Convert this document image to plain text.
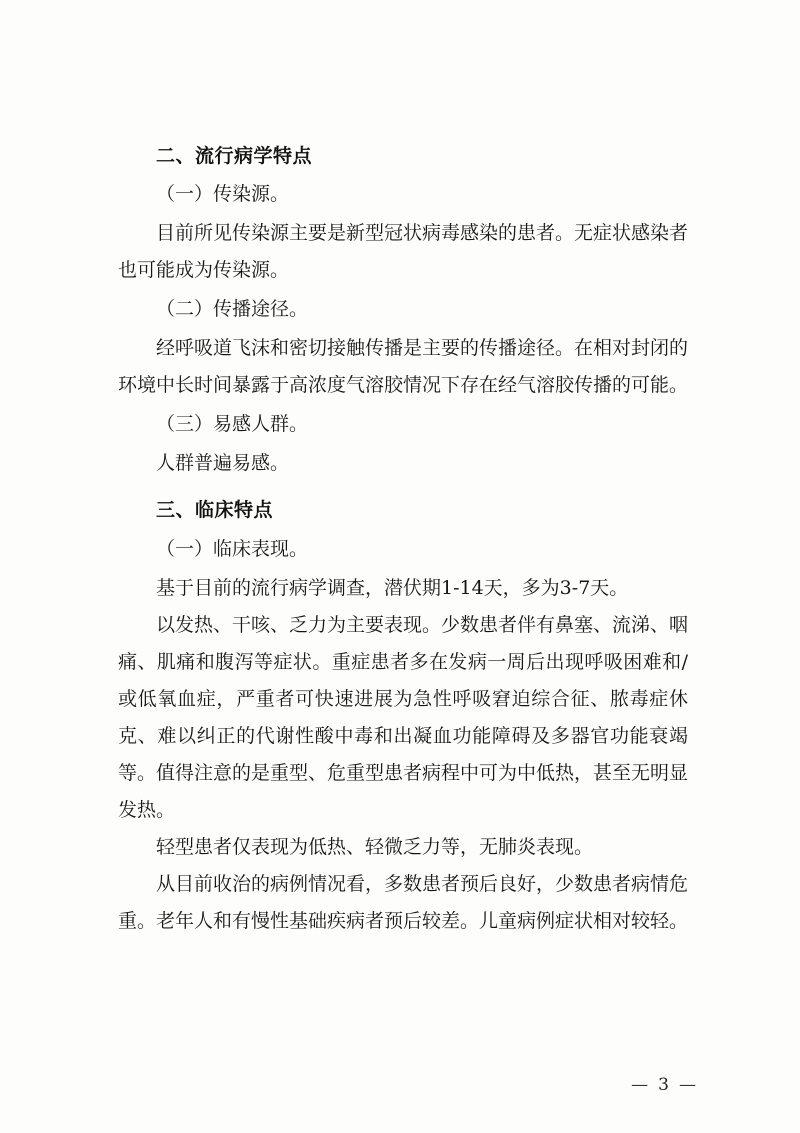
二、流行病学特点

（一）传染源。

目前所见传染源主要是新型冠状病毒感染的患者。无症状感染者也可能成为传染源。

（二）传播途径。

经呼吸道飞沫和密切接触传播是主要的传播途径。在相对封闭的环境中长时间暴露于高浓度气溶胶情况下存在经气溶胶传播的可能。

（三）易感人群。

人群普遍易感。

三、临床特点

（一）临床表现。

基于目前的流行病学调查，潜伏期1-14天，多为3-7天。

以发热、干咳、乏力为主要表现。少数患者伴有鼻塞、流涕、咽痛、肌痛和腹泻等症状。重症患者多在发病一周后出现呼吸困难和/或低氧血症，严重者可快速进展为急性呼吸窘迫综合征、脓毒症休克、难以纠正的代谢性酸中毒和出凝血功能障碍及多器官功能衰竭等。值得注意的是重型、危重型患者病程中可为中低热，甚至无明显发热。

轻型患者仅表现为低热、轻微乏力等，无肺炎表现。

从目前收治的病例情况看，多数患者预后良好，少数患者病情危重。老年人和有慢性基础疾病者预后较差。儿童病例症状相对较轻。

— 3 —
